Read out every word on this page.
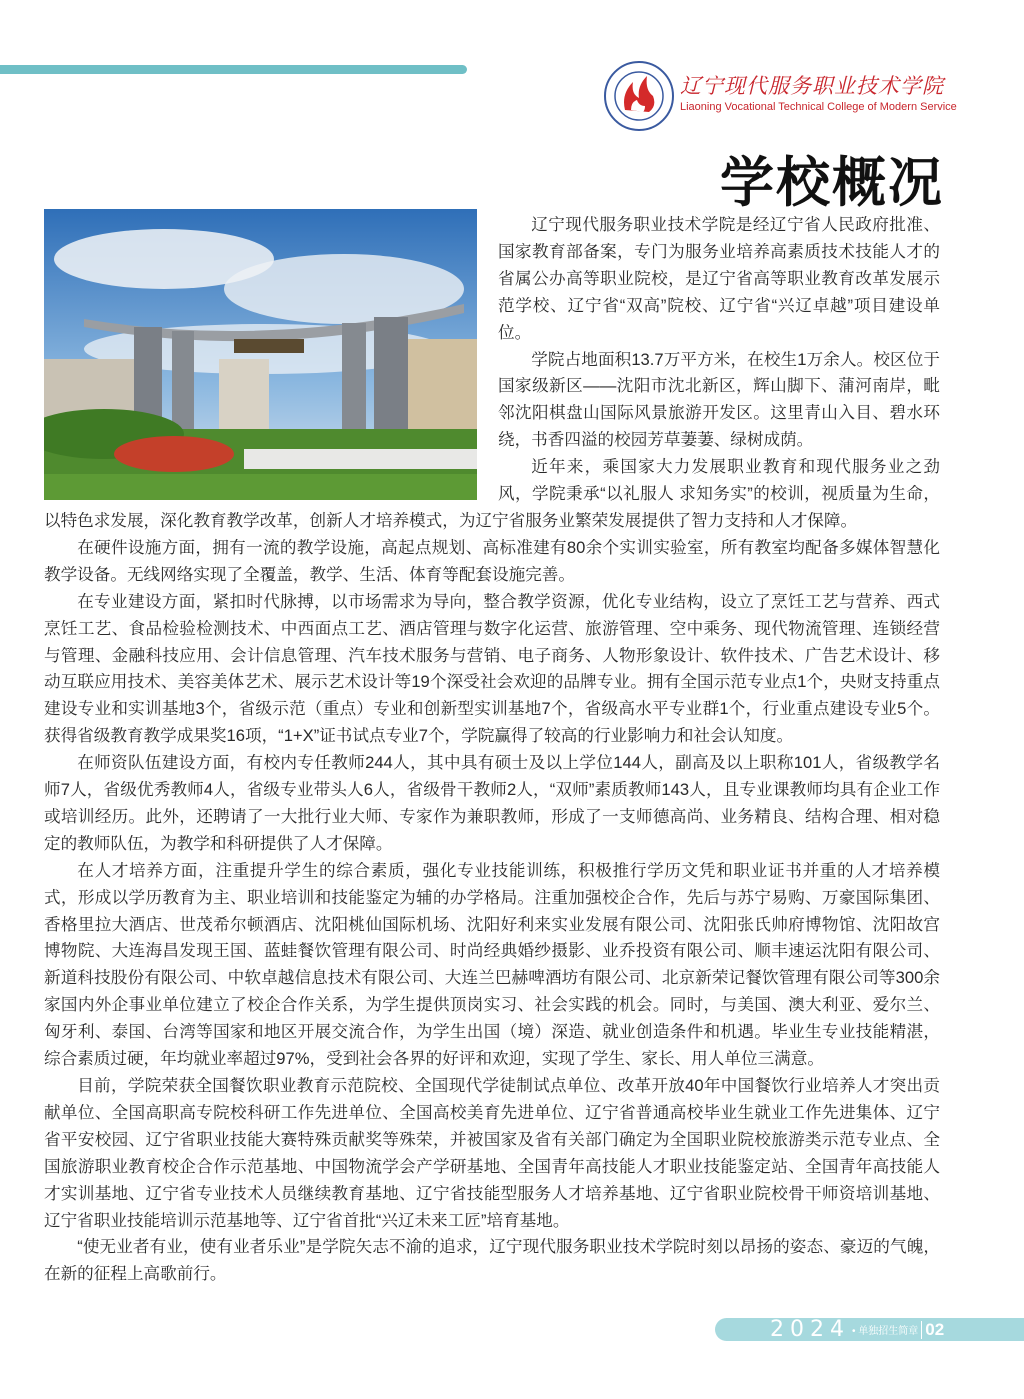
辽宁现代服务职业技术学院
Liaoning Vocational Technical College of Modern Service
学校概况

辽宁现代服务职业技术学院是经辽宁省人民政府批准、国家教育部备案，专门为服务业培养高素质技术技能人才的省属公办高等职业院校，是辽宁省高等职业教育改革发展示范学校、辽宁省“双高”院校、辽宁省“兴辽卓越”项目建设单位。

学院占地面积13.7万平方米，在校生1万余人。校区位于国家级新区——沈阳市沈北新区，辉山脚下、蒲河南岸，毗邻沈阳棋盘山国际风景旅游开发区。这里青山入目、碧水环绕，书香四溢的校园芳草萋萋、绿树成荫。

近年来，乘国家大力发展职业教育和现代服务业之劲风，学院秉承“以礼服人 求知务实”的校训，视质量为生命，以特色求发展，深化教育教学改革，创新人才培养模式，为辽宁省服务业繁荣发展提供了智力支持和人才保障。

在硬件设施方面，拥有一流的教学设施，高起点规划、高标准建有80余个实训实验室，所有教室均配备多媒体智慧化教学设备。无线网络实现了全覆盖，教学、生活、体育等配套设施完善。

在专业建设方面，紧扣时代脉搏，以市场需求为导向，整合教学资源，优化专业结构，设立了烹饪工艺与营养、西式烹饪工艺、食品检验检测技术、中西面点工艺、酒店管理与数字化运营、旅游管理、空中乘务、现代物流管理、连锁经营与管理、金融科技应用、会计信息管理、汽车技术服务与营销、电子商务、人物形象设计、软件技术、广告艺术设计、移动互联应用技术、美容美体艺术、展示艺术设计等19个深受社会欢迎的品牌专业。拥有全国示范专业点1个，央财支持重点建设专业和实训基地3个，省级示范（重点）专业和创新型实训基地7个，省级高水平专业群1个，行业重点建设专业5个。获得省级教育教学成果奖16项，“1+X”证书试点专业7个，学院赢得了较高的行业影响力和社会认知度。

在师资队伍建设方面，有校内专任教师244人，其中具有硕士及以上学位144人，副高及以上职称101人，省级教学名师7人，省级优秀教师4人，省级专业带头人6人，省级骨干教师2人，“双师”素质教师143人，且专业课教师均具有企业工作或培训经历。此外，还聘请了一大批行业大师、专家作为兼职教师，形成了一支师德高尚、业务精良、结构合理、相对稳定的教师队伍，为教学和科研提供了人才保障。

在人才培养方面，注重提升学生的综合素质，强化专业技能训练，积极推行学历文凭和职业证书并重的人才培养模式，形成以学历教育为主、职业培训和技能鉴定为辅的办学格局。注重加强校企合作，先后与苏宁易购、万豪国际集团、香格里拉大酒店、世茂希尔顿酒店、沈阳桃仙国际机场、沈阳好利来实业发展有限公司、沈阳张氏帅府博物馆、沈阳故宫博物院、大连海昌发现王国、蓝蛙餐饮管理有限公司、时尚经典婚纱摄影、业乔投资有限公司、顺丰速运沈阳有限公司、新道科技股份有限公司、中软卓越信息技术有限公司、大连兰巴赫啤酒坊有限公司、北京新荣记餐饮管理有限公司等300余家国内外企事业单位建立了校企合作关系，为学生提供顶岗实习、社会实践的机会。同时，与美国、澳大利亚、爱尔兰、匈牙利、泰国、台湾等国家和地区开展交流合作，为学生出国（境）深造、就业创造条件和机遇。毕业生专业技能精湛，综合素质过硬，年均就业率超过97%，受到社会各界的好评和欢迎，实现了学生、家长、用人单位三满意。

目前，学院荣获全国餐饮职业教育示范院校、全国现代学徒制试点单位、改革开放40年中国餐饮行业培养人才突出贡献单位、全国高职高专院校科研工作先进单位、全国高校美育先进单位、辽宁省普通高校毕业生就业工作先进集体、辽宁省平安校园、辽宁省职业技能大赛特殊贡献奖等殊荣，并被国家及省有关部门确定为全国职业院校旅游类示范专业点、全国旅游职业教育校企合作示范基地、中国物流学会产学研基地、全国青年高技能人才职业技能鉴定站、全国青年高技能人才实训基地、辽宁省专业技术人员继续教育基地、辽宁省技能型服务人才培养基地、辽宁省职业院校骨干师资培训基地、辽宁省职业技能培训示范基地等、辽宁省首批“兴辽未来工匠”培育基地。

“使无业者有业，使有业者乐业”是学院矢志不渝的追求，辽宁现代服务职业技术学院时刻以昂扬的姿态、豪迈的气魄，在新的征程上高歌前行。

2024 • 单独招生简章 02
